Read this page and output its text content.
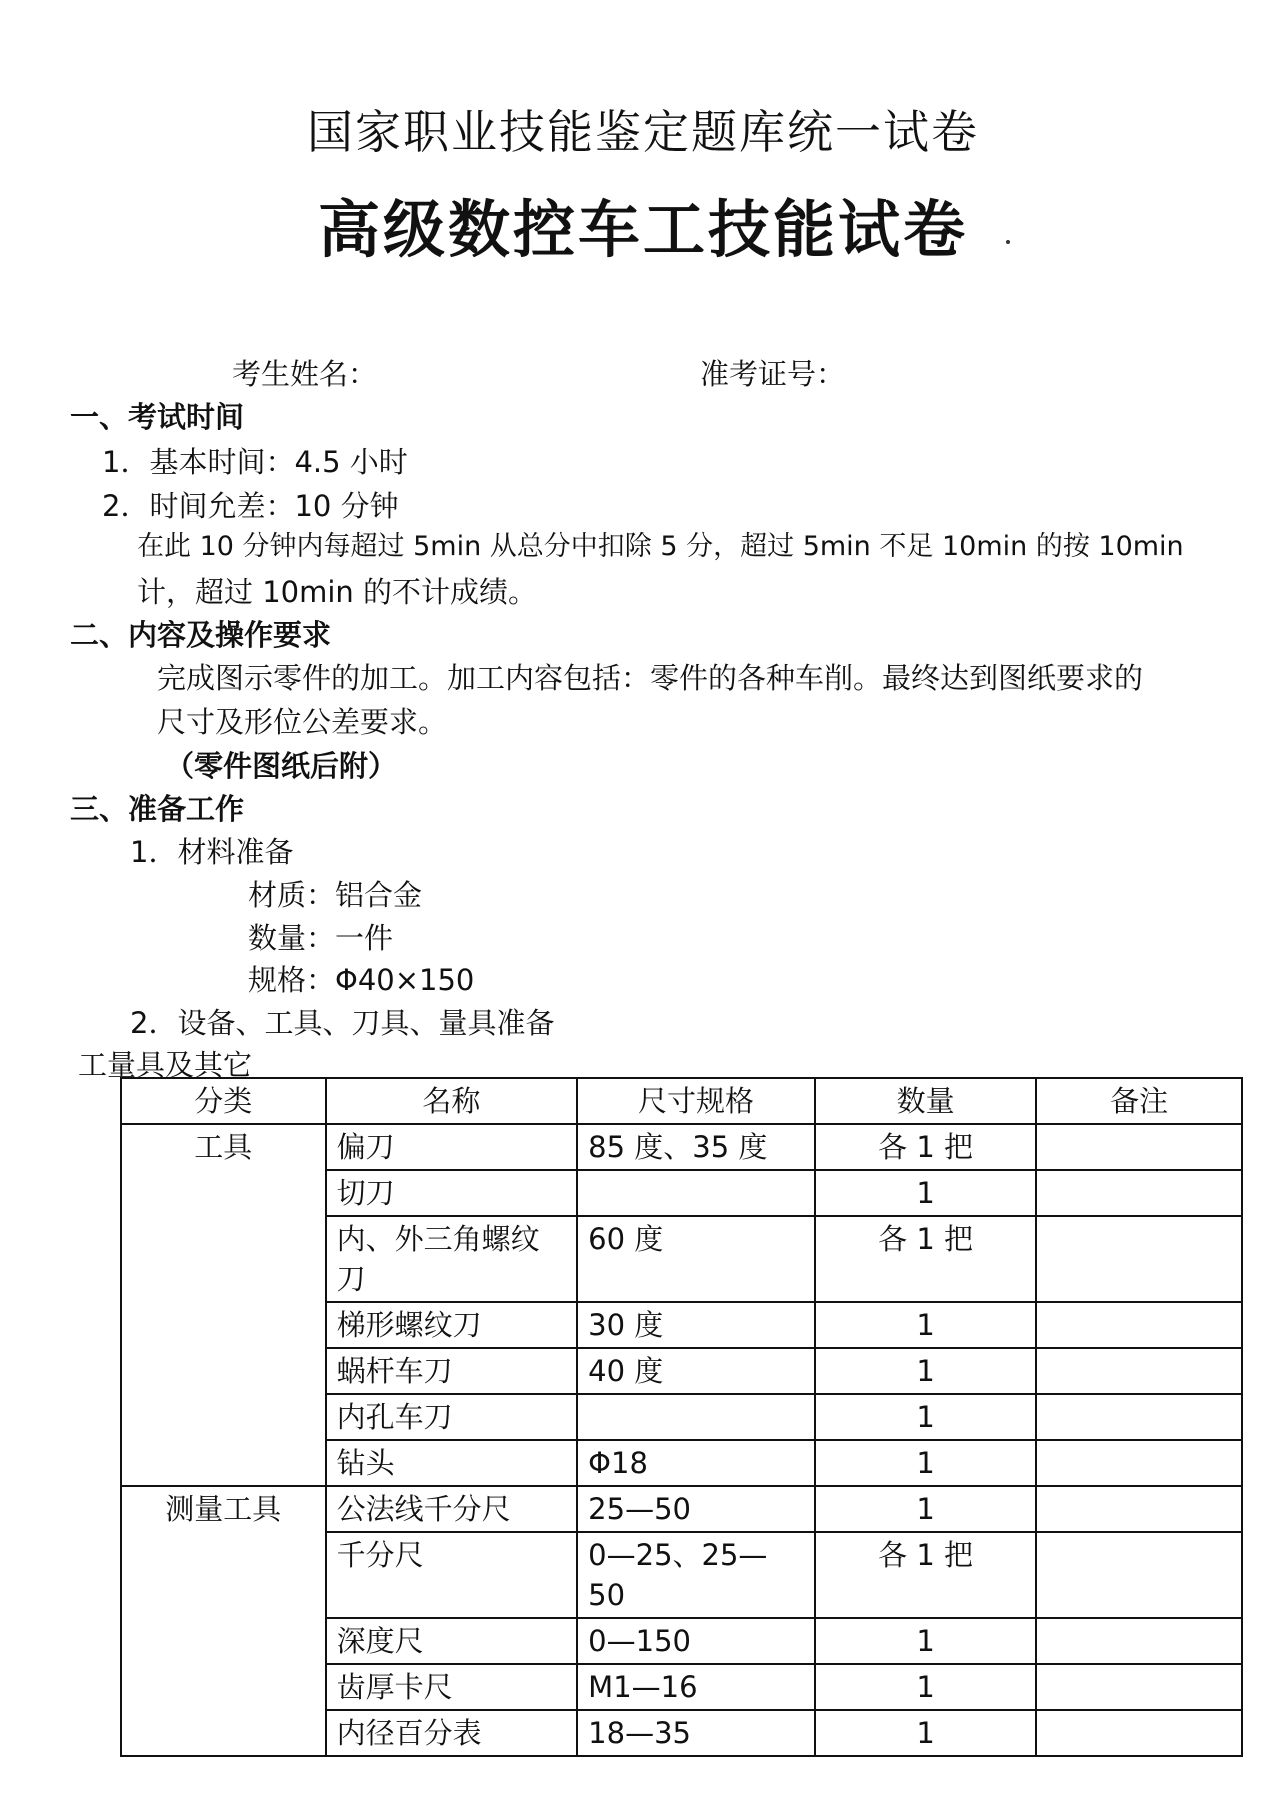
国家职业技能鉴定题库统一试卷
高级数控车工技能试卷
考生姓名：	准考证号：
一、考试时间
1．基本时间：4.5 小时
2．时间允差：10 分钟
在此 10 分钟内每超过 5min 从总分中扣除 5 分，超过 5min 不足 10min 的按 10min
计，超过 10min 的不计成绩。
二、内容及操作要求
完成图示零件的加工。加工内容包括：零件的各种车削。最终达到图纸要求的
尺寸及形位公差要求。
（零件图纸后附）
三、准备工作
1．材料准备
材质：铝合金
数量：一件
规格：Φ40×150
2．设备、工具、刀具、量具准备
工量具及其它
分类	名称	尺寸规格	数量	备注
工具	偏刀	85 度、35 度	各 1 把	
	切刀		1	
	内、外三角螺纹刀	60 度	各 1 把	
	梯形螺纹刀	30 度	1	
	蜗杆车刀	40 度	1	
	内孔车刀		1	
	钻头	Φ18	1	
测量工具	公法线千分尺	25—50	1	
	千分尺	0—25、25—50	各 1 把	
	深度尺	0—150	1	
	齿厚卡尺	M1—16	1	
	内径百分表	18—35	1	
